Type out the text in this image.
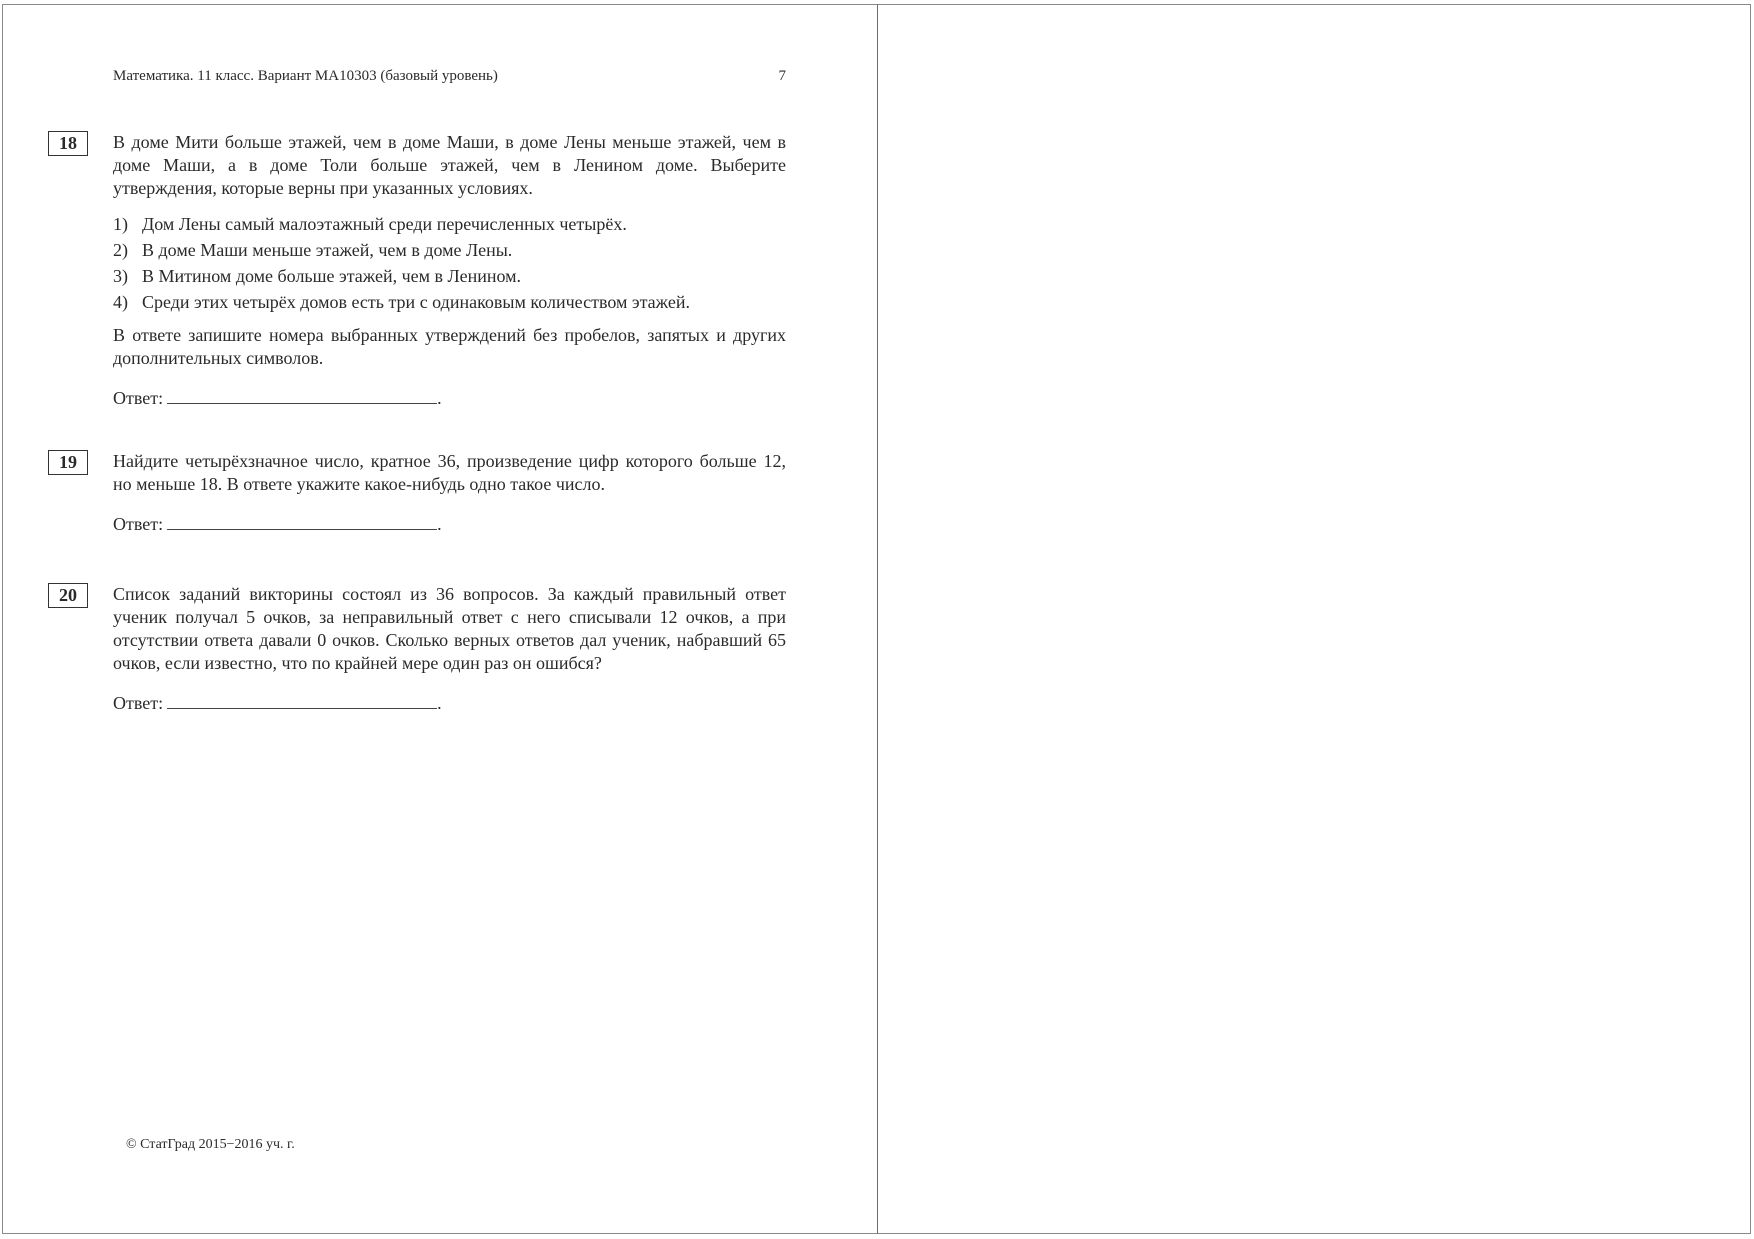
Математика. 11 класс. Вариант МА10303 (базовый уровень)	7
18	В доме Мити больше этажей, чем в доме Маши, в доме Лены меньше этажей, чем в доме Маши, а в доме Толи больше этажей, чем в Ленином доме. Выберите утверждения, которые верны при указанных условиях.

1) Дом Лены самый малоэтажный среди перечисленных четырёх.
2) В доме Маши меньше этажей, чем в доме Лены.
3) В Митином доме больше этажей, чем в Ленином.
4) Среди этих четырёх домов есть три с одинаковым количеством этажей.

В ответе запишите номера выбранных утверждений без пробелов, запятых и других дополнительных символов.

Ответ:	.
19	Найдите четырёхзначное число, кратное 36, произведение цифр которого больше 12, но меньше 18. В ответе укажите какое-нибудь одно такое число.

Ответ:	.
20	Список заданий викторины состоял из 36 вопросов. За каждый правильный ответ ученик получал 5 очков, за неправильный ответ с него списывали 12 очков, а при отсутствии ответа давали 0 очков. Сколько верных ответов дал ученик, набравший 65 очков, если известно, что по крайней мере один раз он ошибся?

Ответ:	.
© СтатГрад 2015−2016 уч. г.
